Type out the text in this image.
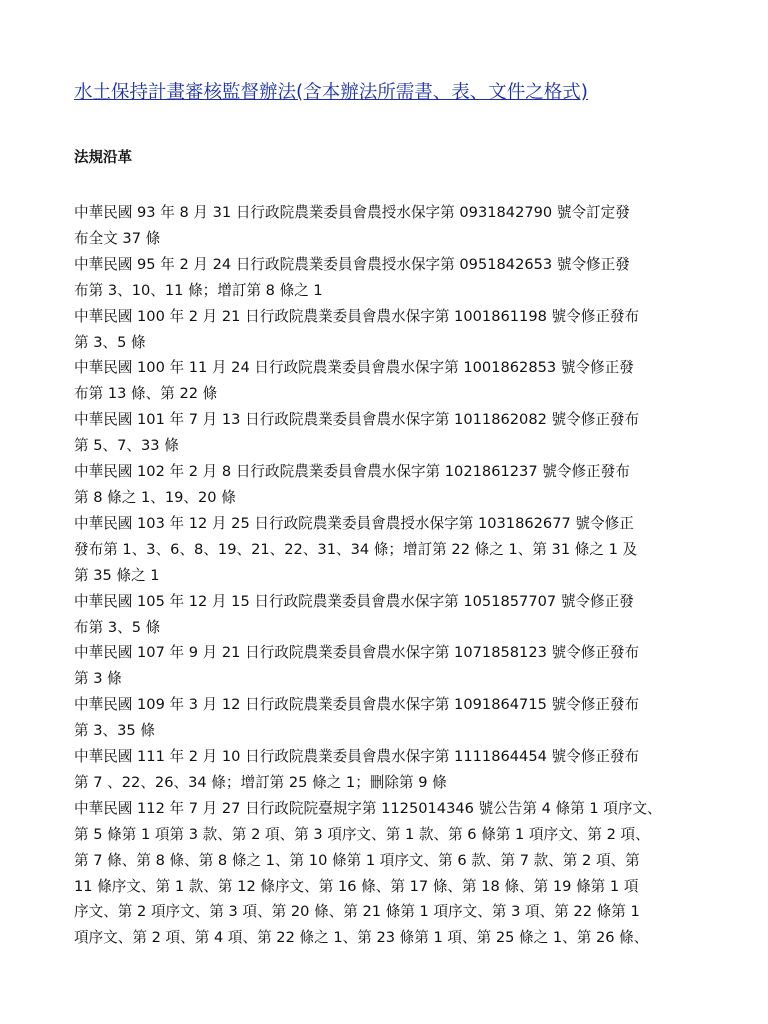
水土保持計畫審核監督辦法(含本辦法所需書、表、文件之格式)
法規沿革
中華民國 93 年 8 月 31 日行政院農業委員會農授水保字第 0931842790 號令訂定發
布全文 37 條
中華民國 95 年 2 月 24 日行政院農業委員會農授水保字第 0951842653 號令修正發
布第 3、10、11 條；增訂第 8 條之 1
中華民國 100 年 2 月 21 日行政院農業委員會農水保字第 1001861198 號令修正發布
第 3、5 條
中華民國 100 年 11 月 24 日行政院農業委員會農水保字第 1001862853 號令修正發
布第 13 條、第 22 條
中華民國 101 年 7 月 13 日行政院農業委員會農水保字第 1011862082 號令修正發布
第 5、7、33 條
中華民國 102 年 2 月 8 日行政院農業委員會農水保字第 1021861237 號令修正發布
第 8 條之 1、19、20 條
中華民國 103 年 12 月 25 日行政院農業委員會農授水保字第 1031862677 號令修正
發布第 1、3、6、8、19、21、22、31、34 條；增訂第 22 條之 1、第 31 條之 1 及
第 35 條之 1
中華民國 105 年 12 月 15 日行政院農業委員會農水保字第 1051857707 號令修正發
布第 3、5 條
中華民國 107 年 9 月 21 日行政院農業委員會農水保字第 1071858123 號令修正發布
第 3 條
中華民國 109 年 3 月 12 日行政院農業委員會農水保字第 1091864715 號令修正發布
第 3、35 條
中華民國 111 年 2 月 10 日行政院農業委員會農水保字第 1111864454 號令修正發布
第 7 、22、26、34 條；增訂第 25 條之 1；刪除第 9 條
中華民國 112 年 7 月 27 日行政院院臺規字第 1125014346 號公告第 4 條第 1 項序文、
第 5 條第 1 項第 3 款、第 2 項、第 3 項序文、第 1 款、第 6 條第 1 項序文、第 2 項、
第 7 條、第 8 條、第 8 條之 1、第 10 條第 1 項序文、第 6 款、第 7 款、第 2 項、第
11 條序文、第 1 款、第 12 條序文、第 16 條、第 17 條、第 18 條、第 19 條第 1 項
序文、第 2 項序文、第 3 項、第 20 條、第 21 條第 1 項序文、第 3 項、第 22 條第 1
項序文、第 2 項、第 4 項、第 22 條之 1、第 23 條第 1 項、第 25 條之 1、第 26 條、
